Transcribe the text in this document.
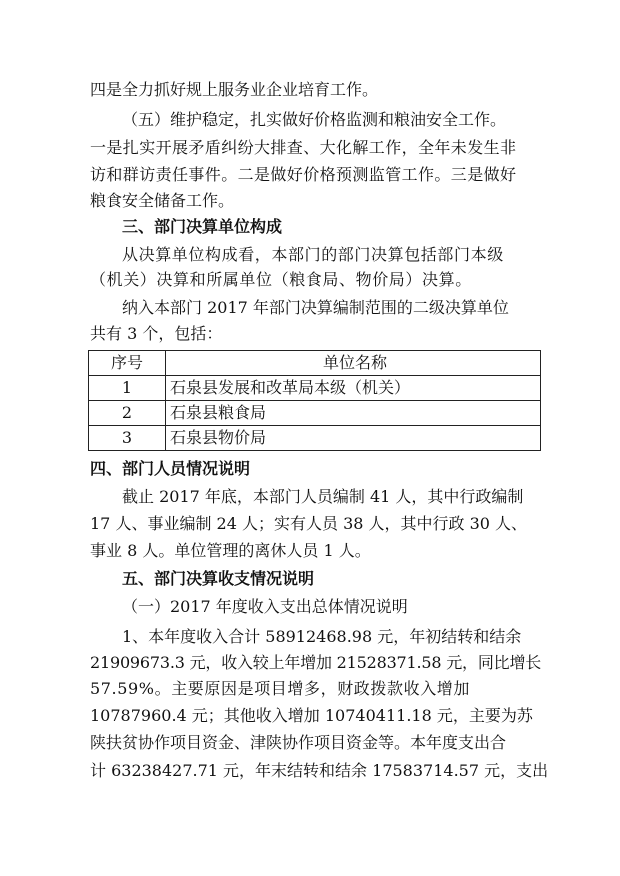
四是全力抓好规上服务业企业培育工作。

（五）维护稳定，扎实做好价格监测和粮油安全工作。

一是扎实开展矛盾纠纷大排查、大化解工作，全年未发生非

访和群访责任事件。二是做好价格预测监管工作。三是做好

粮食安全储备工作。

三、部门决算单位构成

从决算单位构成看，本部门的部门决算包括部门本级

（机关）决算和所属单位（粮食局、物价局）决算。

纳入本部门 2017 年部门决算编制范围的二级决算单位

共有 3 个，包括：

序号	单位名称
1	石泉县发展和改革局本级（机关）
2	石泉县粮食局
3	石泉县物价局

四、部门人员情况说明

截止 2017 年底，本部门人员编制 41 人，其中行政编制

17 人、事业编制 24 人；实有人员 38 人，其中行政 30 人、

事业 8 人。单位管理的离休人员 1 人。

五、部门决算收支情况说明

（一）2017 年度收入支出总体情况说明

1、本年度收入合计 58912468.98 元，年初结转和结余

21909673.3 元，收入较上年增加 21528371.58 元，同比增长

57.59%。主要原因是项目增多，财政拨款收入增加

10787960.4 元；其他收入增加 10740411.18 元，主要为苏

陕扶贫协作项目资金、津陕协作项目资金等。本年度支出合

计 63238427.71 元，年末结转和结余 17583714.57 元，支出
